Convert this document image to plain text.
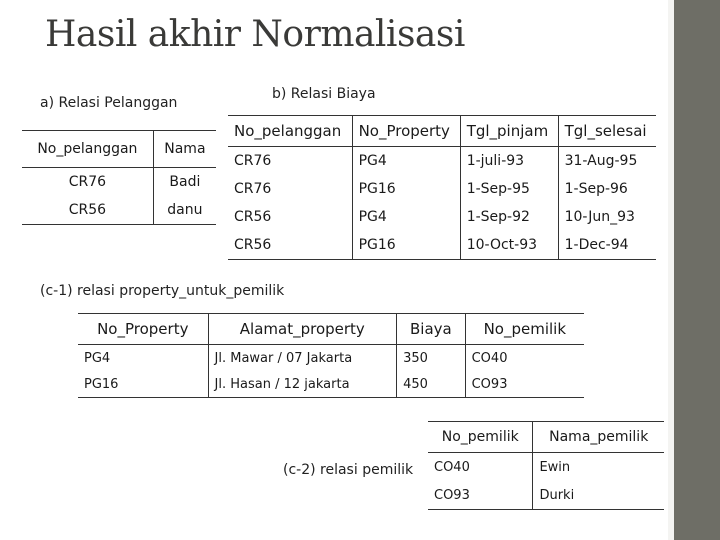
Hasil akhir Normalisasi
a) Relasi Pelanggan
b) Relasi Biaya
(c-1) relasi property_untuk_pemilik
(c-2) relasi pemilik
No_pelanggan	Nama
CR76	Badi
CR56	danu
No_pelanggan	No_Property	Tgl_pinjam	Tgl_selesai
CR76	PG4	1-juli-93	31-Aug-95
CR76	PG16	1-Sep-95	1-Sep-96
CR56	PG4	1-Sep-92	10-Jun_93
CR56	PG16	10-Oct-93	1-Dec-94
No_Property	Alamat_property	Biaya	No_pemilik
PG4	Jl. Mawar / 07 Jakarta	350	CO40
PG16	Jl. Hasan / 12 jakarta	450	CO93
No_pemilik	Nama_pemilik
CO40	Ewin
CO93	Durki
